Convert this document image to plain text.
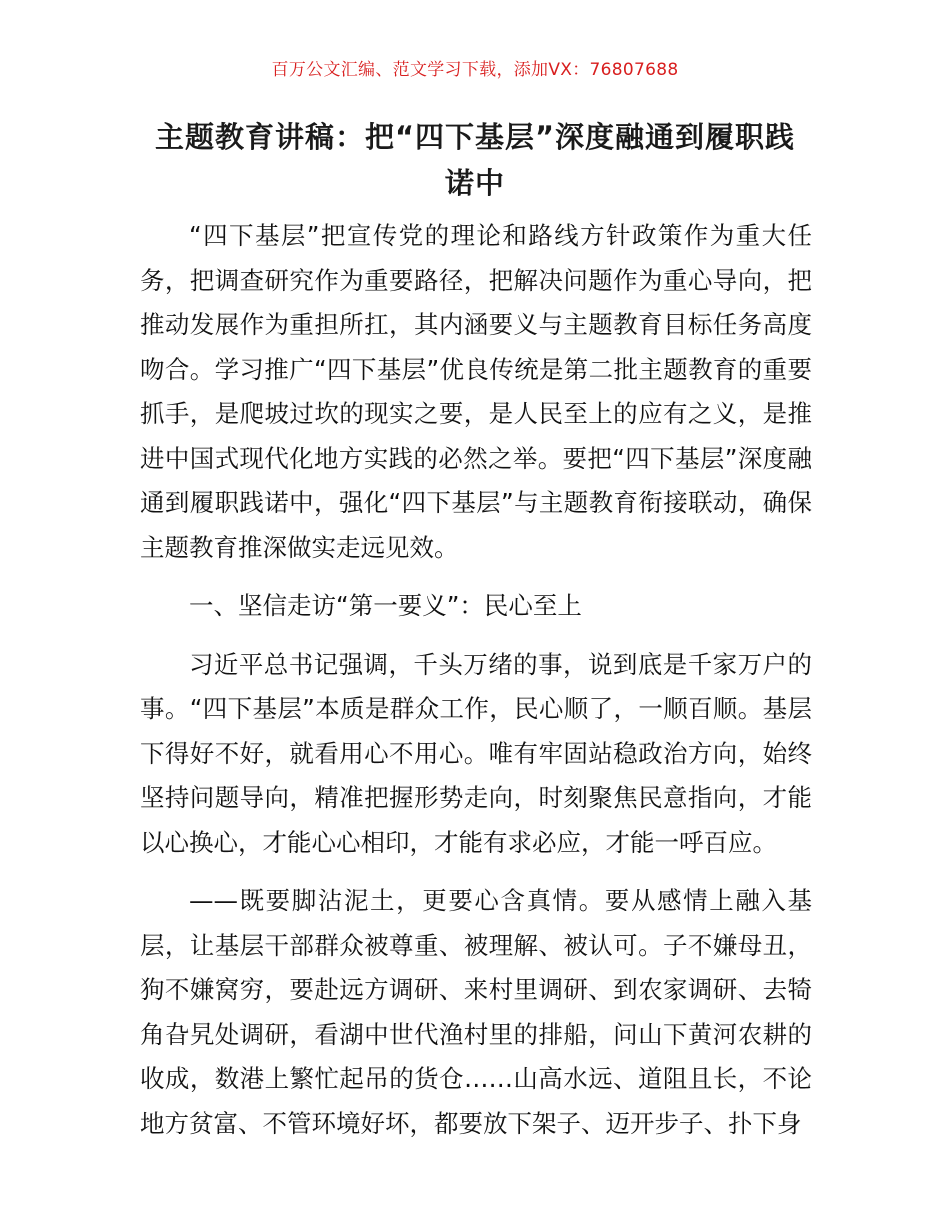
百万公文汇编、范文学习下载，添加VX：76807688
主题教育讲稿：把“四下基层”深度融通到履职践诺中

“四下基层”把宣传党的理论和路线方针政策作为重大任务，把调查研究作为重要路径，把解决问题作为重心导向，把推动发展作为重担所扛，其内涵要义与主题教育目标任务高度吻合。学习推广“四下基层”优良传统是第二批主题教育的重要抓手，是爬坡过坎的现实之要，是人民至上的应有之义，是推进中国式现代化地方实践的必然之举。要把“四下基层”深度融通到履职践诺中，强化“四下基层”与主题教育衔接联动，确保主题教育推深做实走远见效。

一、坚信走访“第一要义”：民心至上

习近平总书记强调，千头万绪的事，说到底是千家万户的事。“四下基层”本质是群众工作，民心顺了，一顺百顺。基层下得好不好，就看用心不用心。唯有牢固站稳政治方向，始终坚持问题导向，精准把握形势走向，时刻聚焦民意指向，才能以心换心，才能心心相印，才能有求必应，才能一呼百应。

——既要脚沾泥土，更要心含真情。要从感情上融入基层，让基层干部群众被尊重、被理解、被认可。子不嫌母丑，狗不嫌窝穷，要赴远方调研、来村里调研、到农家调研、去犄角旮旯处调研，看湖中世代渔村里的排船，问山下黄河农耕的收成，数港上繁忙起吊的货仓……山高水远、道阻且长，不论地方贫富、不管环境好坏，都要放下架子、迈开步子、扑下身
